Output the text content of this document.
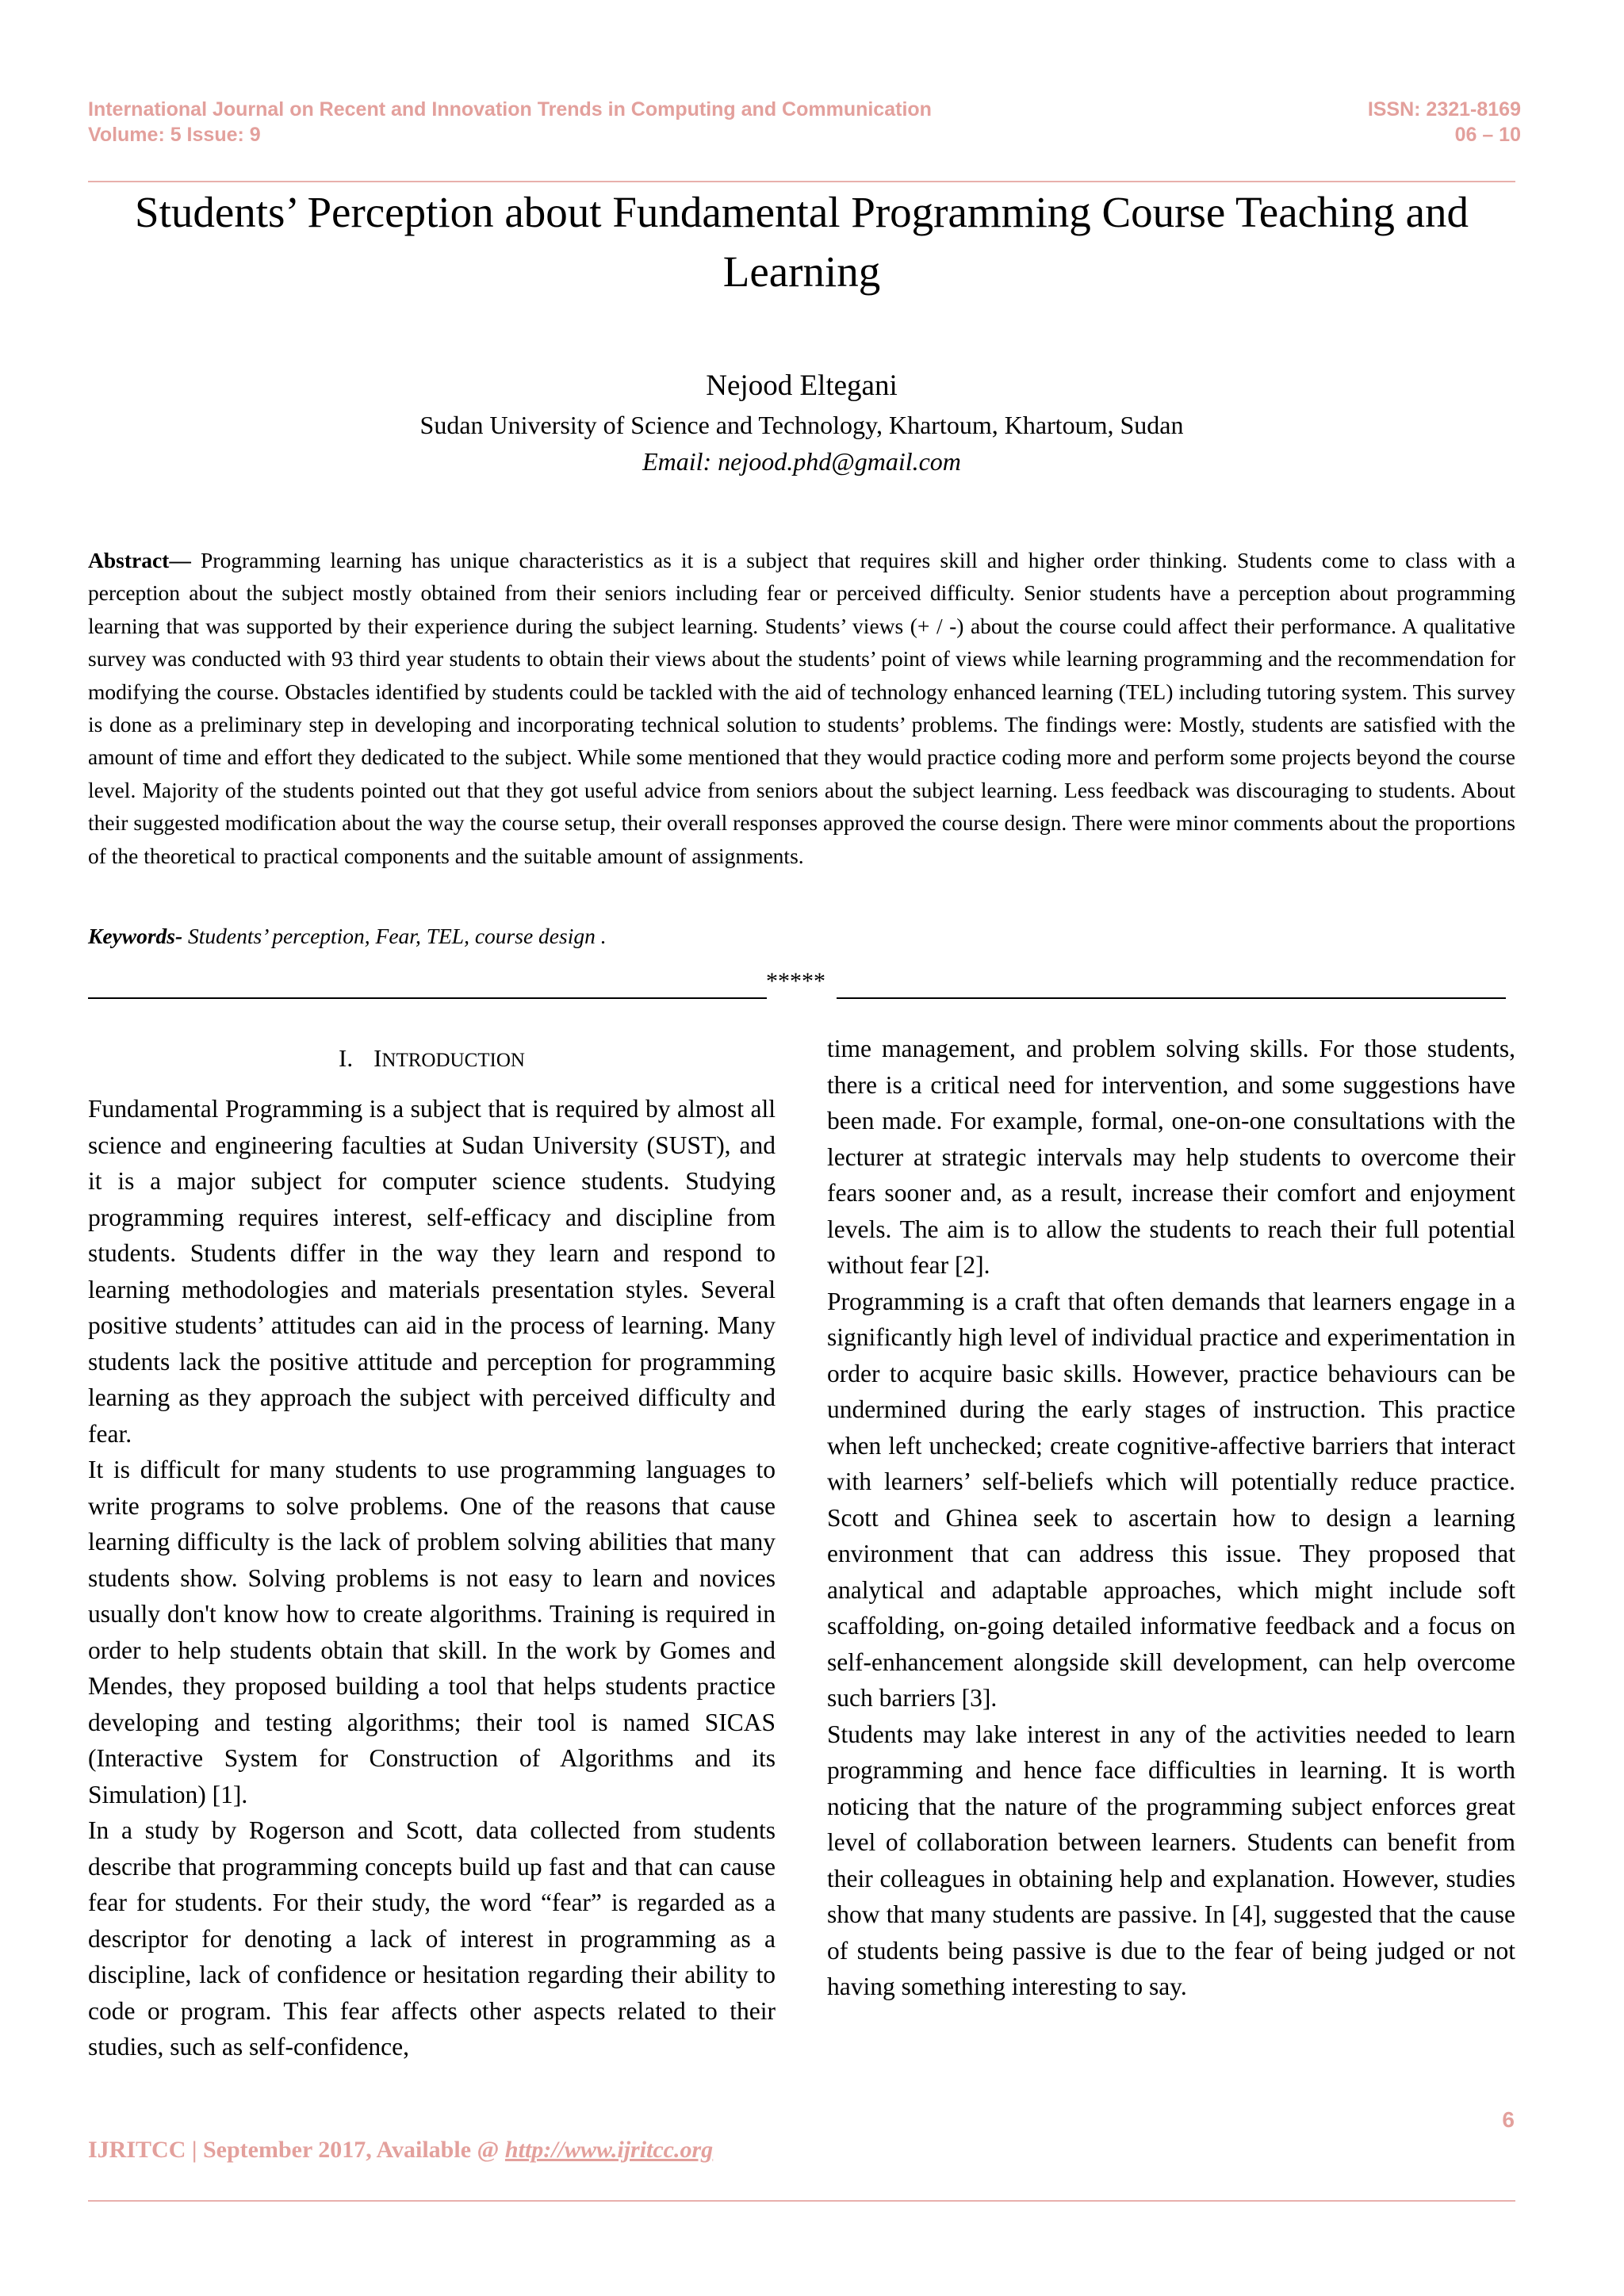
International Journal on Recent and Innovation Trends in Computing and Communication
Volume: 5 Issue: 9
ISSN: 2321-8169
06 – 10
Students’ Perception about Fundamental Programming Course Teaching and Learning
Nejood Eltegani
Sudan University of Science and Technology, Khartoum, Khartoum, Sudan
Email: nejood.phd@gmail.com
Abstract— Programming learning has unique characteristics as it is a subject that requires skill and higher order thinking. Students come to class with a perception about the subject mostly obtained from their seniors including fear or perceived difficulty. Senior students have a perception about programming learning that was supported by their experience during the subject learning. Students’ views (+ / -) about the course could affect their performance. A qualitative survey was conducted with 93 third year students to obtain their views about the students’ point of views while learning programming and the recommendation for modifying the course. Obstacles identified by students could be tackled with the aid of technology enhanced learning (TEL) including tutoring system. This survey is done as a preliminary step in developing and incorporating technical solution to students’ problems. The findings were: Mostly, students are satisfied with the amount of time and effort they dedicated to the subject. While some mentioned that they would practice coding more and perform some projects beyond the course level. Majority of the students pointed out that they got useful advice from seniors about the subject learning. Less feedback was discouraging to students. About their suggested modification about the way the course setup, their overall responses approved the course design. There were minor comments about the proportions of the theoretical to practical components and the suitable amount of assignments.
Keywords- Students’ perception, Fear, TEL, course design .
*****
I. INTRODUCTION

Fundamental Programming is a subject that is required by almost all science and engineering faculties at Sudan University (SUST), and it is a major subject for computer science students. Studying programming requires interest, self-efficacy and discipline from students. Students differ in the way they learn and respond to learning methodologies and materials presentation styles. Several positive students’ attitudes can aid in the process of learning. Many students lack the positive attitude and perception for programming learning as they approach the subject with perceived difficulty and fear.

It is difficult for many students to use programming languages to write programs to solve problems. One of the reasons that cause learning difficulty is the lack of problem solving abilities that many students show. Solving problems is not easy to learn and novices usually don't know how to create algorithms. Training is required in order to help students obtain that skill. In the work by Gomes and Mendes, they proposed building a tool that helps students practice developing and testing algorithms; their tool is named SICAS (Interactive System for Construction of Algorithms and its Simulation) [1].

In a study by Rogerson and Scott, data collected from students describe that programming concepts build up fast and that can cause fear for students. For their study, the word “fear” is regarded as a descriptor for denoting a lack of interest in programming as a discipline, lack of confidence or hesitation regarding their ability to code or program. This fear affects other aspects related to their studies, such as self-confidence,

time management, and problem solving skills. For those students, there is a critical need for intervention, and some suggestions have been made. For example, formal, one-on-one consultations with the lecturer at strategic intervals may help students to overcome their fears sooner and, as a result, increase their comfort and enjoyment levels. The aim is to allow the students to reach their full potential without fear [2].

Programming is a craft that often demands that learners engage in a significantly high level of individual practice and experimentation in order to acquire basic skills. However, practice behaviours can be undermined during the early stages of instruction. This practice when left unchecked; create cognitive-affective barriers that interact with learners’ self-beliefs which will potentially reduce practice. Scott and Ghinea seek to ascertain how to design a learning environment that can address this issue. They proposed that analytical and adaptable approaches, which might include soft scaffolding, on-going detailed informative feedback and a focus on self-enhancement alongside skill development, can help overcome such barriers [3].

Students may lake interest in any of the activities needed to learn programming and hence face difficulties in learning. It is worth noticing that the nature of the programming subject enforces great level of collaboration between learners. Students can benefit from their colleagues in obtaining help and explanation. However, studies show that many students are passive. In [4], suggested that the cause of students being passive is due to the fear of being judged or not having something interesting to say.

6
IJRITCC | September 2017, Available @ http://www.ijritcc.org
